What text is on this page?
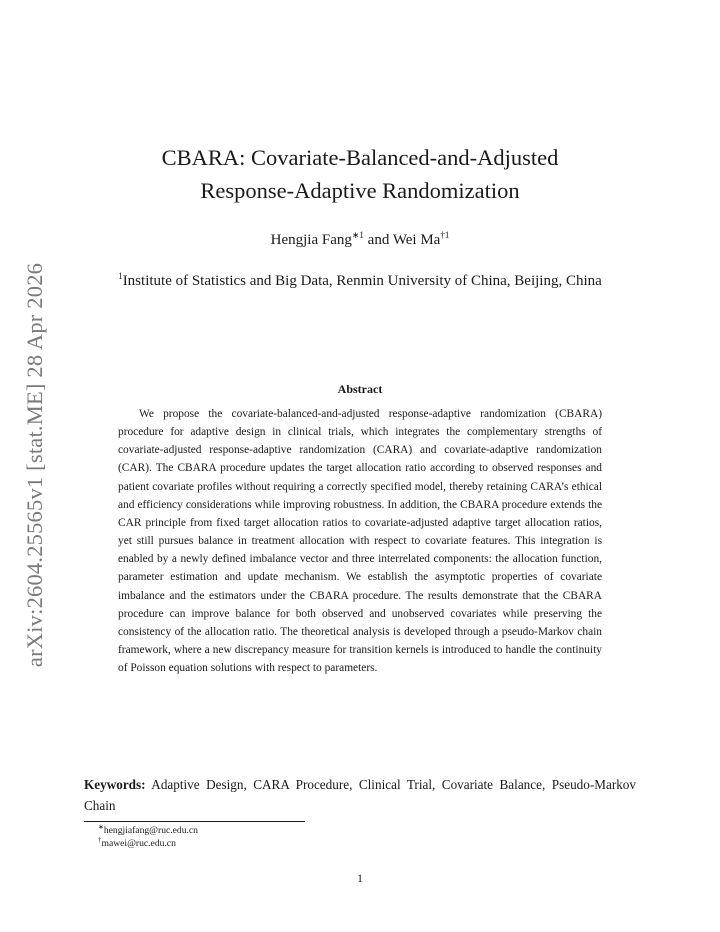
arXiv:2604.25565v1 [stat.ME] 28 Apr 2026
CBARA: Covariate-Balanced-and-Adjusted
Response-Adaptive Randomization
Hengjia Fang$^{∗1}$ and Wei Ma$^{\dagger 1}$
$^1$Institute of Statistics and Big Data, Renmin University of China, Beijing, China
Abstract

We propose the covariate-balanced-and-adjusted response-adaptive randomization (CBARA) procedure for adaptive design in clinical trials, which integrates the complementary strengths of covariate-adjusted response-adaptive randomization (CARA) and covariate-adaptive randomization (CAR). The CBARA procedure updates the target allocation ratio according to observed responses and patient covariate profiles without requiring a correctly specified model, thereby retaining CARA’s ethical and efficiency considerations while improving robustness. In addition, the CBARA procedure extends the CAR principle from fixed target allocation ratios to covariate-adjusted adaptive target allocation ratios, yet still pursues balance in treatment allocation with respect to covariate features. This integration is enabled by a newly defined imbalance vector and three interrelated components: the allocation function, parameter estimation and update mechanism. We establish the asymptotic properties of covariate imbalance and the estimators under the CBARA procedure. The results demonstrate that the CBARA procedure can improve balance for both observed and unobserved covariates while preserving the consistency of the allocation ratio. The theoretical analysis is developed through a pseudo-Markov chain framework, where a new discrepancy measure for transition kernels is introduced to handle the continuity of Poisson equation solutions with respect to parameters.

Keywords: Adaptive Design, CARA Procedure, Clinical Trial, Covariate Balance, Pseudo-Markov Chain
∗hengjiafang@ruc.edu.cn
†mawei@ruc.edu.cn
1
